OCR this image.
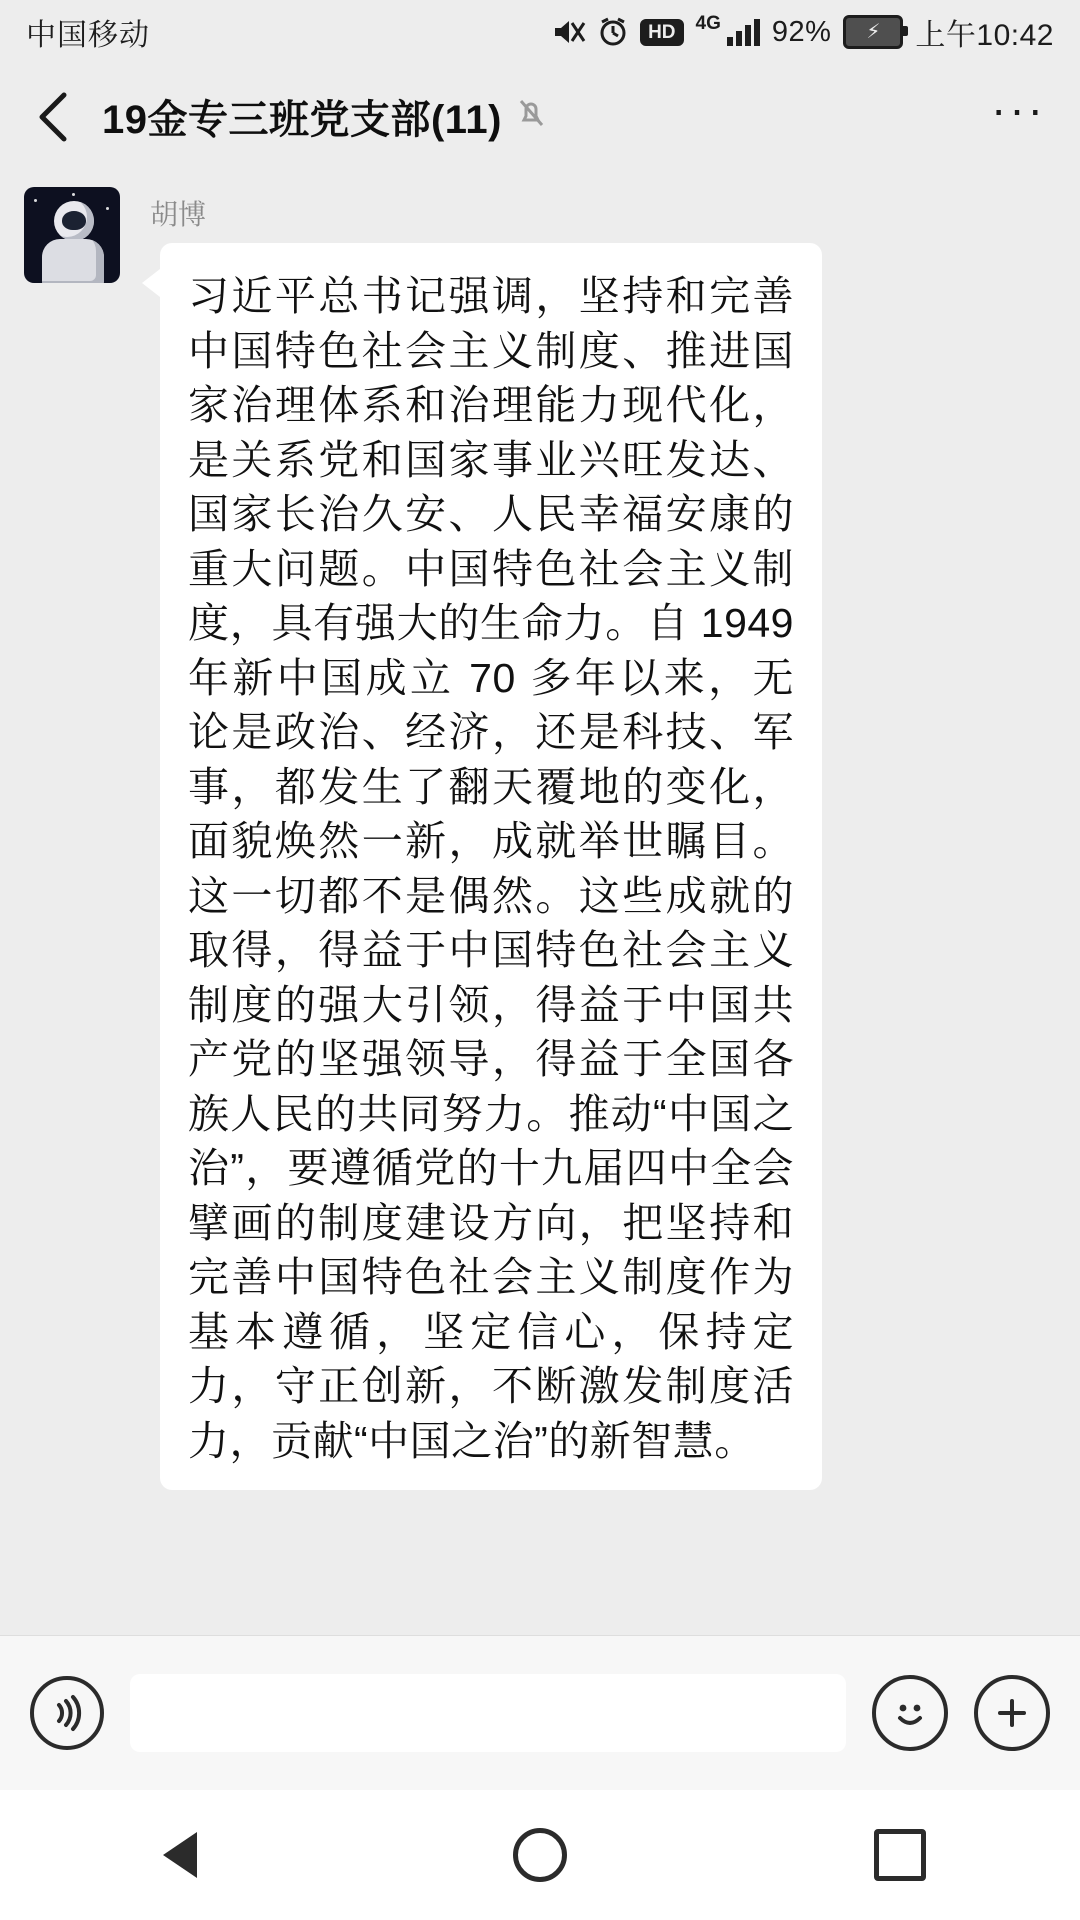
中国移动	HD	4G 92% ⚡ 上午10:42
19金专三班党支部(11)	···
胡博
习近平总书记强调，坚持和完善中国特色社会主义制度、推进国家治理体系和治理能力现代化，是关系党和国家事业兴旺发达、国家长治久安、人民幸福安康的重大问题。中国特色社会主义制度，具有强大的生命力。自 1949 年新中国成立 70 多年以来，无论是政治、经济，还是科技、军事，都发生了翻天覆地的变化，面貌焕然一新，成就举世瞩目。这一切都不是偶然。这些成就的取得，得益于中国特色社会主义制度的强大引领，得益于中国共产党的坚强领导，得益于全国各族人民的共同努力。推动“中国之治”，要遵循党的十九届四中全会擘画的制度建设方向，把坚持和完善中国特色社会主义制度作为基本遵循，坚定信心，保持定力，守正创新，不断激发制度活力，贡献“中国之治”的新智慧。
